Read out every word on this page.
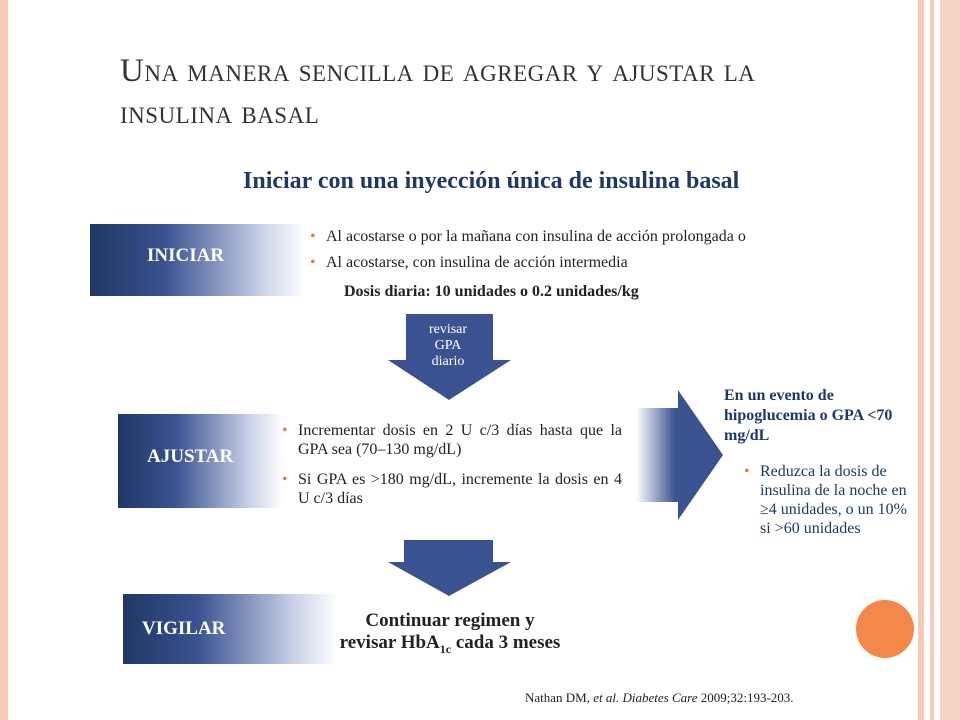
Una manera sencilla de agregar y ajustar la insulina basal
Iniciar con una inyección única de insulina basal
INICIAR
• Al acostarse o por la mañana con insulina de acción prolongada o
• Al acostarse, con insulina de acción intermedia
Dosis diaria: 10 unidades o 0.2 unidades/kg
revisar
GPA
diario
AJUSTAR
• Incrementar dosis en 2 U c/3 días hasta que la GPA sea (70–130 mg/dL)
• Si GPA es >180 mg/dL, incremente la dosis en 4 U c/3 días
En un evento de hipoglucemia o GPA <70 mg/dL
• Reduzca la dosis de insulina de la noche en ≥4 unidades, o un 10% si >60 unidades
VIGILAR	Continuar regimen y
revisar HbA$_{1c}$ cada 3 meses
Nathan DM, et al. Diabetes Care 2009;32:193-203.
